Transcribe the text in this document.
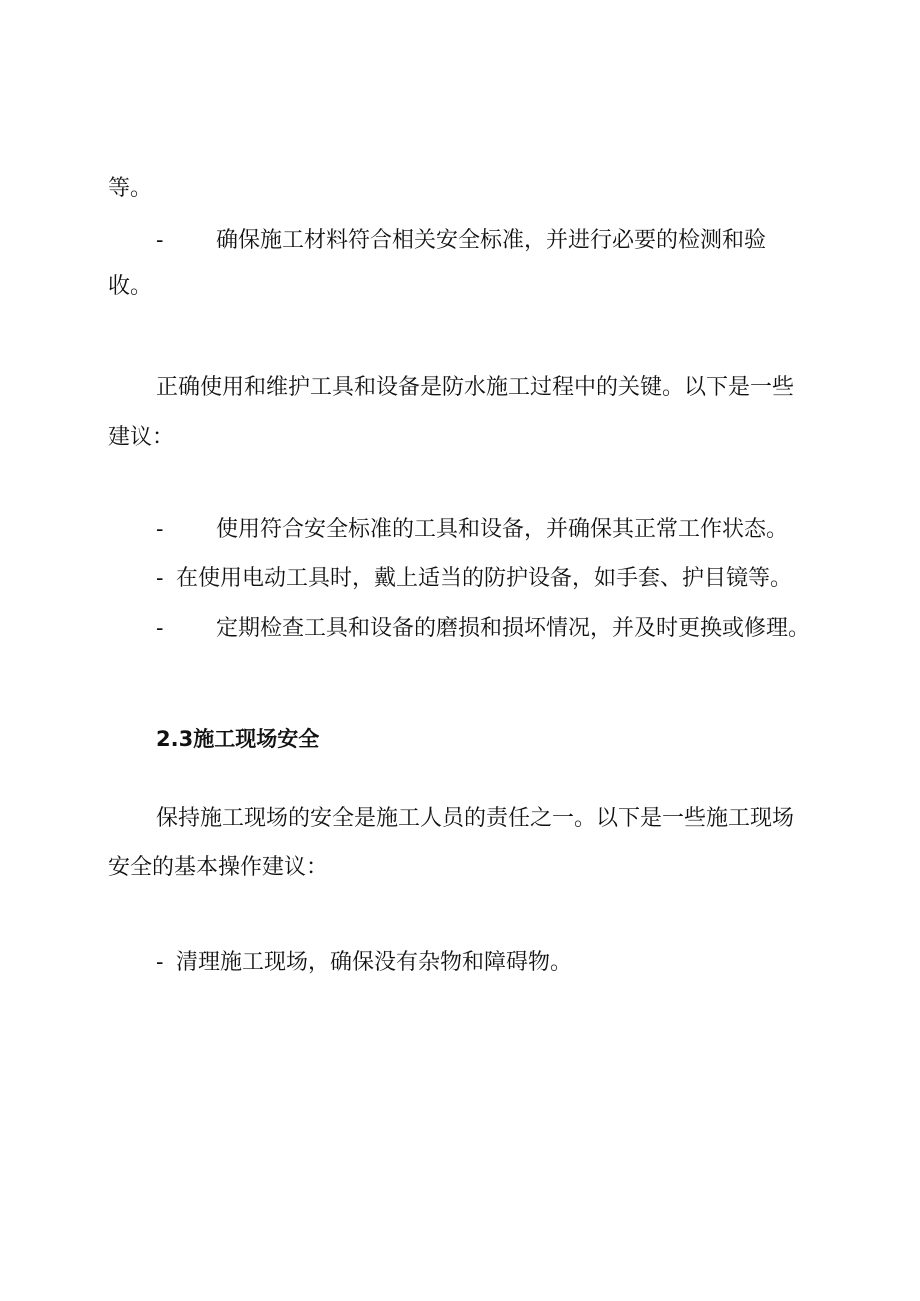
等。
- 确保施工材料符合相关安全标准，并进行必要的检测和验
收。
正确使用和维护工具和设备是防水施工过程中的关键。以下是一些
建议：
- 使用符合安全标准的工具和设备，并确保其正常工作状态。
- 在使用电动工具时，戴上适当的防护设备，如手套、护目镜等。
- 定期检查工具和设备的磨损和损坏情况，并及时更换或修理。
2.3施工现场安全
保持施工现场的安全是施工人员的责任之一。以下是一些施工现场
安全的基本操作建议：
- 清理施工现场，确保没有杂物和障碍物。
